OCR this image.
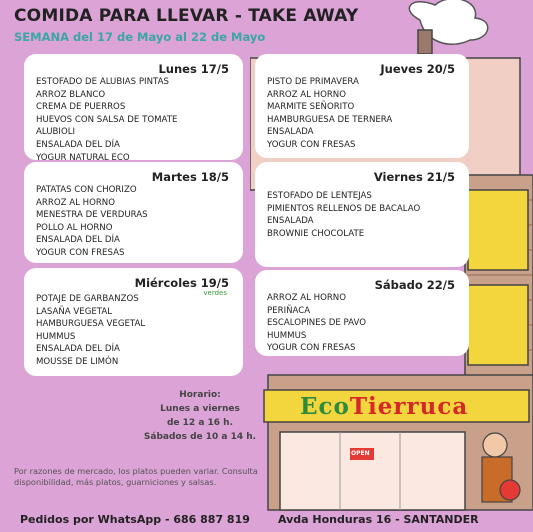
COMIDA PARA LLEVAR - TAKE AWAY
SEMANA del 17 de Mayo al 22 de Mayo
EcoTierruca
OPEN
Lunes 17/5
ESTOFADO DE ALUBIAS PINTAS
ARROZ BLANCO
CREMA DE PUERROS
HUEVOS CON SALSA DE TOMATE
ALUBIOLI
ENSALADA DEL DÍA
YOGUR NATURAL ECO
Martes 18/5
PATATAS CON CHORIZO
ARROZ AL HORNO
MENESTRA DE VERDURAS
POLLO AL HORNO
ENSALADA DEL DÍA
YOGUR CON FRESAS
Miércoles 19/5
verdes
POTAJE DE GARBANZOS
LASAÑA VEGETAL
HAMBURGUESA VEGETAL
HUMMUS
ENSALADA DEL DÍA
MOUSSE DE LIMÓN
Jueves 20/5
PISTO DE PRIMAVERA
ARROZ AL HORNO
MARMITE SEÑORITO
HAMBURGUESA DE TERNERA
ENSALADA
YOGUR CON FRESAS
Viernes 21/5
ESTOFADO DE LENTEJAS
PIMIENTOS RELLENOS DE BACALAO
ENSALADA
BROWNIE CHOCOLATE
Sábado 22/5
ARROZ AL HORNO
PERIÑACA
ESCALOPINES DE PAVO
HUMMUS
YOGUR CON FRESAS
Horario:
Lunes a viernes
de 12 a 16 h.
Sábados de 10 a 14 h.
Por razones de mercado, los platos pueden variar. Consulta disponibilidad, más platos, guarniciones y salsas.
Pedidos por WhatsApp - 686 887 819	Avda Honduras 16 - SANTANDER
